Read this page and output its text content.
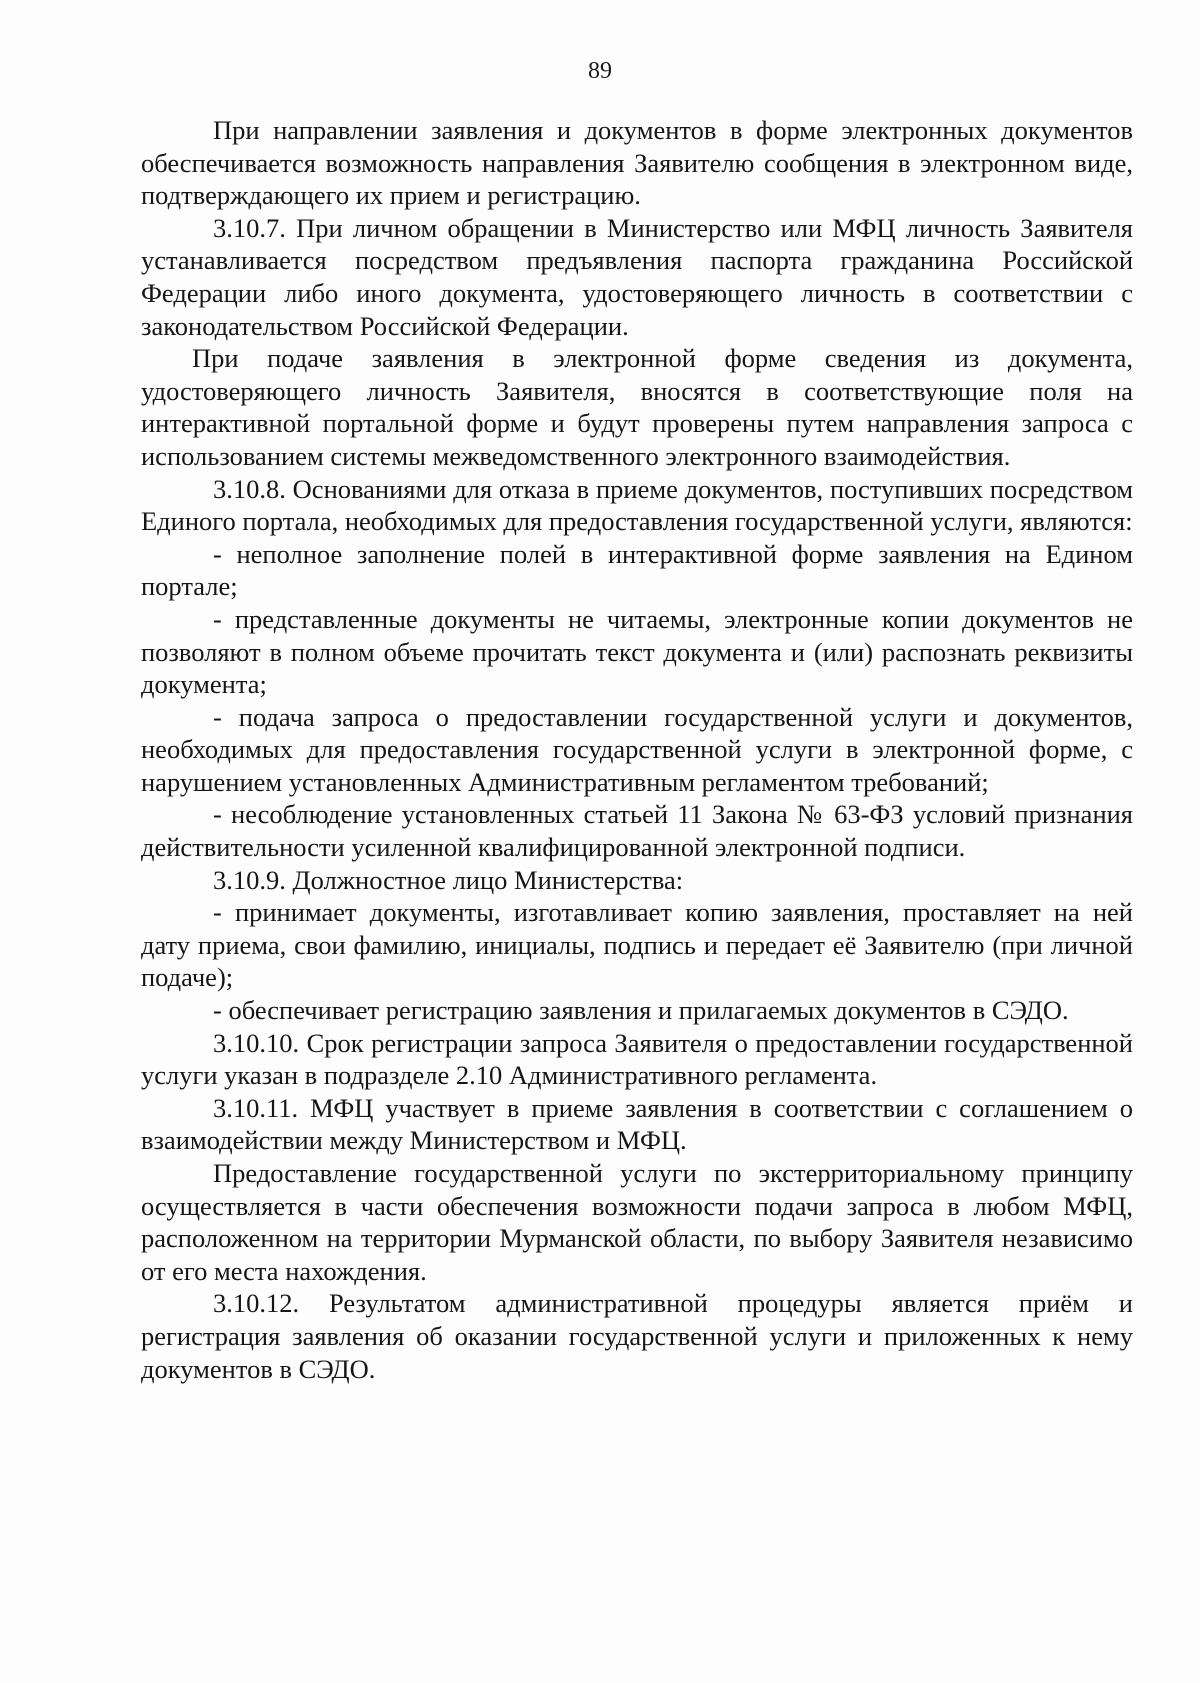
89

При направлении заявления и документов в форме электронных документов обеспечивается возможность направления Заявителю сообщения в электронном виде, подтверждающего их прием и регистрацию.

3.10.7. При личном обращении в Министерство или МФЦ личность Заявителя устанавливается посредством предъявления паспорта гражданина Российской Федерации либо иного документа, удостоверяющего личность в соответствии с законодательством Российской Федерации.

При подаче заявления в электронной форме сведения из документа, удостоверяющего личность Заявителя, вносятся в соответствующие поля на интерактивной портальной форме и будут проверены путем направления запроса с использованием системы межведомственного электронного взаимодействия.

3.10.8. Основаниями для отказа в приеме документов, поступивших посредством Единого портала, необходимых для предоставления государственной услуги, являются:

- неполное заполнение полей в интерактивной форме заявления на Едином портале;

- представленные документы не читаемы, электронные копии документов не позволяют в полном объеме прочитать текст документа и (или) распознать реквизиты документа;

- подача запроса о предоставлении государственной услуги и документов, необходимых для предоставления государственной услуги в электронной форме, с нарушением установленных Административным регламентом требований;

- несоблюдение установленных статьей 11 Закона № 63-ФЗ условий признания действительности усиленной квалифицированной электронной подписи.

3.10.9. Должностное лицо Министерства:

- принимает документы, изготавливает копию заявления, проставляет на ней дату приема, свои фамилию, инициалы, подпись и передает её Заявителю (при личной подаче);

- обеспечивает регистрацию заявления и прилагаемых документов в СЭДО.

3.10.10. Срок регистрации запроса Заявителя о предоставлении государственной услуги указан в подразделе 2.10 Административного регламента.

3.10.11. МФЦ участвует в приеме заявления в соответствии с соглашением о взаимодействии между Министерством и МФЦ.

Предоставление государственной услуги по экстерриториальному принципу осуществляется в части обеспечения возможности подачи запроса в любом МФЦ, расположенном на территории Мурманской области, по выбору Заявителя независимо от его места нахождения.

3.10.12. Результатом административной процедуры является приём и регистрация заявления об оказании государственной услуги и приложенных к нему документов в СЭДО.
